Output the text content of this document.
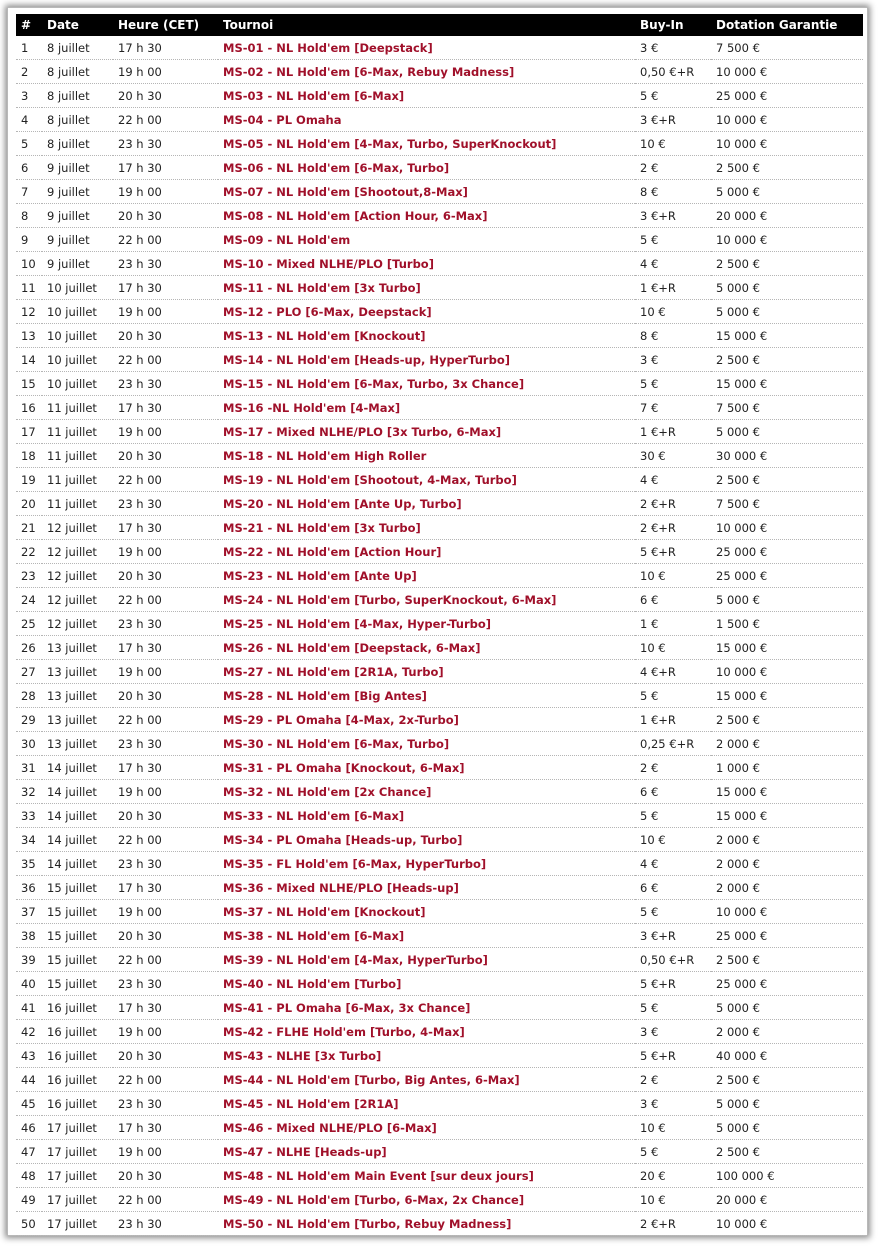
#	Date	Heure (CET)	Tournoi	Buy-In	Dotation Garantie
1	8 juillet	17 h 30	MS-01 - NL Hold'em [Deepstack]	3 €	7 500 €
2	8 juillet	19 h 00	MS-02 - NL Hold'em [6-Max, Rebuy Madness]	0,50 €+R	10 000 €
3	8 juillet	20 h 30	MS-03 - NL Hold'em [6-Max]	5 €	25 000 €
4	8 juillet	22 h 00	MS-04 - PL Omaha	3 €+R	10 000 €
5	8 juillet	23 h 30	MS-05 - NL Hold'em [4-Max, Turbo, SuperKnockout]	10 €	10 000 €
6	9 juillet	17 h 30	MS-06 - NL Hold'em [6-Max, Turbo]	2 €	2 500 €
7	9 juillet	19 h 00	MS-07 - NL Hold'em [Shootout,8-Max]	8 €	5 000 €
8	9 juillet	20 h 30	MS-08 - NL Hold'em [Action Hour, 6-Max]	3 €+R	20 000 €
9	9 juillet	22 h 00	MS-09 - NL Hold'em	5 €	10 000 €
10	9 juillet	23 h 30	MS-10 - Mixed NLHE/PLO [Turbo]	4 €	2 500 €
11	10 juillet	17 h 30	MS-11 - NL Hold'em [3x Turbo]	1 €+R	5 000 €
12	10 juillet	19 h 00	MS-12 - PLO [6-Max, Deepstack]	10 €	5 000 €
13	10 juillet	20 h 30	MS-13 - NL Hold'em [Knockout]	8 €	15 000 €
14	10 juillet	22 h 00	MS-14 - NL Hold'em [Heads-up, HyperTurbo]	3 €	2 500 €
15	10 juillet	23 h 30	MS-15 - NL Hold'em [6-Max, Turbo, 3x Chance]	5 €	15 000 €
16	11 juillet	17 h 30	MS-16 -NL Hold'em [4-Max]	7 €	7 500 €
17	11 juillet	19 h 00	MS-17 - Mixed NLHE/PLO [3x Turbo, 6-Max]	1 €+R	5 000 €
18	11 juillet	20 h 30	MS-18 - NL Hold'em High Roller	30 €	30 000 €
19	11 juillet	22 h 00	MS-19 - NL Hold'em [Shootout, 4-Max, Turbo]	4 €	2 500 €
20	11 juillet	23 h 30	MS-20 - NL Hold'em [Ante Up, Turbo]	2 €+R	7 500 €
21	12 juillet	17 h 30	MS-21 - NL Hold'em [3x Turbo]	2 €+R	10 000 €
22	12 juillet	19 h 00	MS-22 - NL Hold'em [Action Hour]	5 €+R	25 000 €
23	12 juillet	20 h 30	MS-23 - NL Hold'em [Ante Up]	10 €	25 000 €
24	12 juillet	22 h 00	MS-24 - NL Hold'em [Turbo, SuperKnockout, 6-Max]	6 €	5 000 €
25	12 juillet	23 h 30	MS-25 - NL Hold'em [4-Max, Hyper-Turbo]	1 €	1 500 €
26	13 juillet	17 h 30	MS-26 - NL Hold'em [Deepstack, 6-Max]	10 €	15 000 €
27	13 juillet	19 h 00	MS-27 - NL Hold'em [2R1A, Turbo]	4 €+R	10 000 €
28	13 juillet	20 h 30	MS-28 - NL Hold'em [Big Antes]	5 €	15 000 €
29	13 juillet	22 h 00	MS-29 - PL Omaha [4-Max, 2x-Turbo]	1 €+R	2 500 €
30	13 juillet	23 h 30	MS-30 - NL Hold'em [6-Max, Turbo]	0,25 €+R	2 000 €
31	14 juillet	17 h 30	MS-31 - PL Omaha [Knockout, 6-Max]	2 €	1 000 €
32	14 juillet	19 h 00	MS-32 - NL Hold'em [2x Chance]	6 €	15 000 €
33	14 juillet	20 h 30	MS-33 - NL Hold'em [6-Max]	5 €	15 000 €
34	14 juillet	22 h 00	MS-34 - PL Omaha [Heads-up, Turbo]	10 €	2 000 €
35	14 juillet	23 h 30	MS-35 - FL Hold'em [6-Max, HyperTurbo]	4 €	2 000 €
36	15 juillet	17 h 30	MS-36 - Mixed NLHE/PLO [Heads-up]	6 €	2 000 €
37	15 juillet	19 h 00	MS-37 - NL Hold'em [Knockout]	5 €	10 000 €
38	15 juillet	20 h 30	MS-38 - NL Hold'em [6-Max]	3 €+R	25 000 €
39	15 juillet	22 h 00	MS-39 - NL Hold'em [4-Max, HyperTurbo]	0,50 €+R	2 500 €
40	15 juillet	23 h 30	MS-40 - NL Hold'em [Turbo]	5 €+R	25 000 €
41	16 juillet	17 h 30	MS-41 - PL Omaha [6-Max, 3x Chance]	5 €	5 000 €
42	16 juillet	19 h 00	MS-42 - FLHE Hold'em [Turbo, 4-Max]	3 €	2 000 €
43	16 juillet	20 h 30	MS-43 - NLHE [3x Turbo]	5 €+R	40 000 €
44	16 juillet	22 h 00	MS-44 - NL Hold'em [Turbo, Big Antes, 6-Max]	2 €	2 500 €
45	16 juillet	23 h 30	MS-45 - NL Hold'em [2R1A]	3 €	5 000 €
46	17 juillet	17 h 30	MS-46 - Mixed NLHE/PLO [6-Max]	10 €	5 000 €
47	17 juillet	19 h 00	MS-47 - NLHE [Heads-up]	5 €	2 500 €
48	17 juillet	20 h 30	MS-48 - NL Hold'em Main Event [sur deux jours]	20 €	100 000 €
49	17 juillet	22 h 00	MS-49 - NL Hold'em [Turbo, 6-Max, 2x Chance]	10 €	20 000 €
50	17 juillet	23 h 30	MS-50 - NL Hold'em [Turbo, Rebuy Madness]	2 €+R	10 000 €
